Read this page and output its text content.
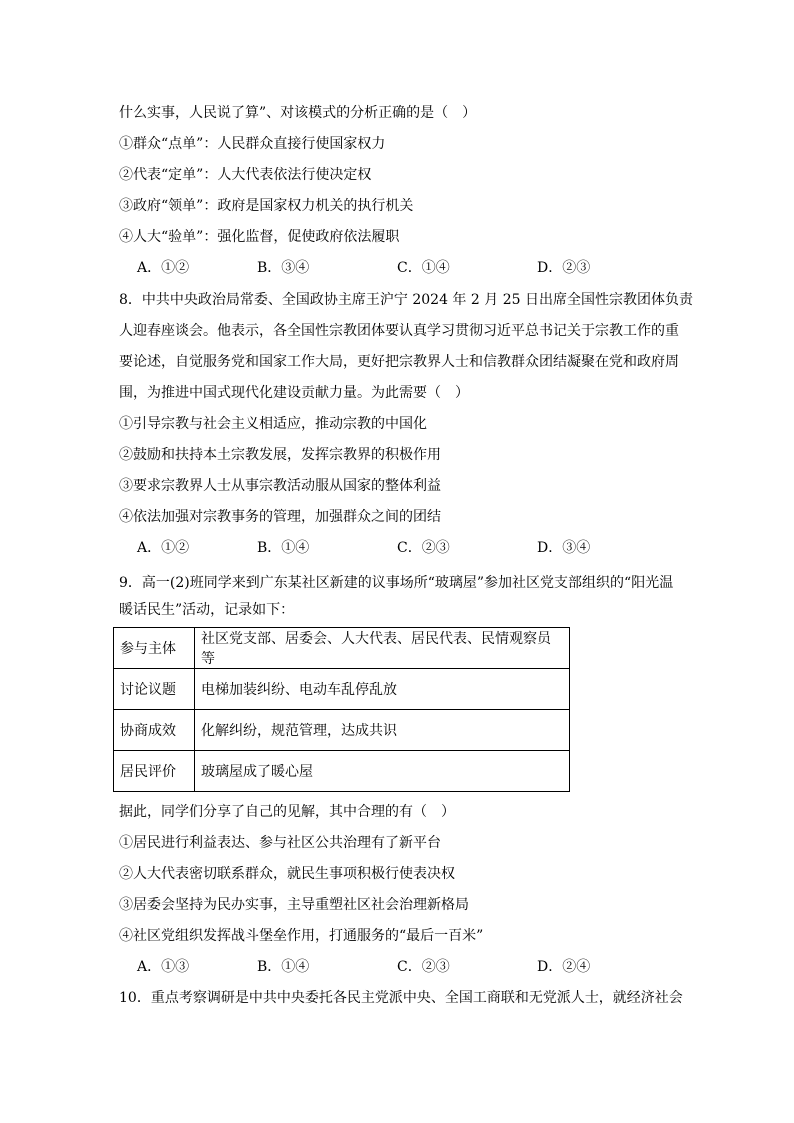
什么实事，人民说了算”、对该模式的分析正确的是（　）
①群众“点单”：人民群众直接行使国家权力
②代表“定单”：人大代表依法行使决定权
③政府“领单”：政府是国家权力机关的执行机关
④人大“验单”：强化监督，促使政府依法履职
A．①②	B．③④	C．①④	D．②③
8．中共中央政治局常委、全国政协主席王沪宁 2024 年 2 月 25 日出席全国性宗教团体负责
人迎春座谈会。他表示，各全国性宗教团体要认真学习贯彻习近平总书记关于宗教工作的重
要论述，自觉服务党和国家工作大局，更好把宗教界人士和信教群众团结凝聚在党和政府周
围，为推进中国式现代化建设贡献力量。为此需要（　）
①引导宗教与社会主义相适应，推动宗教的中国化
②鼓励和扶持本土宗教发展，发挥宗教界的积极作用
③要求宗教界人士从事宗教活动服从国家的整体利益
④依法加强对宗教事务的管理，加强群众之间的团结
A．①②	B．①④	C．②③	D．③④
9．高一(2)班同学来到广东某社区新建的议事场所“玻璃屋”参加社区党支部组织的“阳光温
暖话民生”活动，记录如下：
参与主体	社区党支部、居委会、人大代表、居民代表、民情观察员等
讨论议题	电梯加装纠纷、电动车乱停乱放
协商成效	化解纠纷，规范管理，达成共识
居民评价	玻璃屋成了暖心屋
据此，同学们分享了自己的见解，其中合理的有（　）
①居民进行利益表达、参与社区公共治理有了新平台
②人大代表密切联系群众，就民生事项积极行使表决权
③居委会坚持为民办实事，主导重塑社区社会治理新格局
④社区党组织发挥战斗堡垒作用，打通服务的“最后一百米”
A．①③	B．①④	C．②③	D．②④
10．重点考察调研是中共中央委托各民主党派中央、全国工商联和无党派人士，就经济社会
